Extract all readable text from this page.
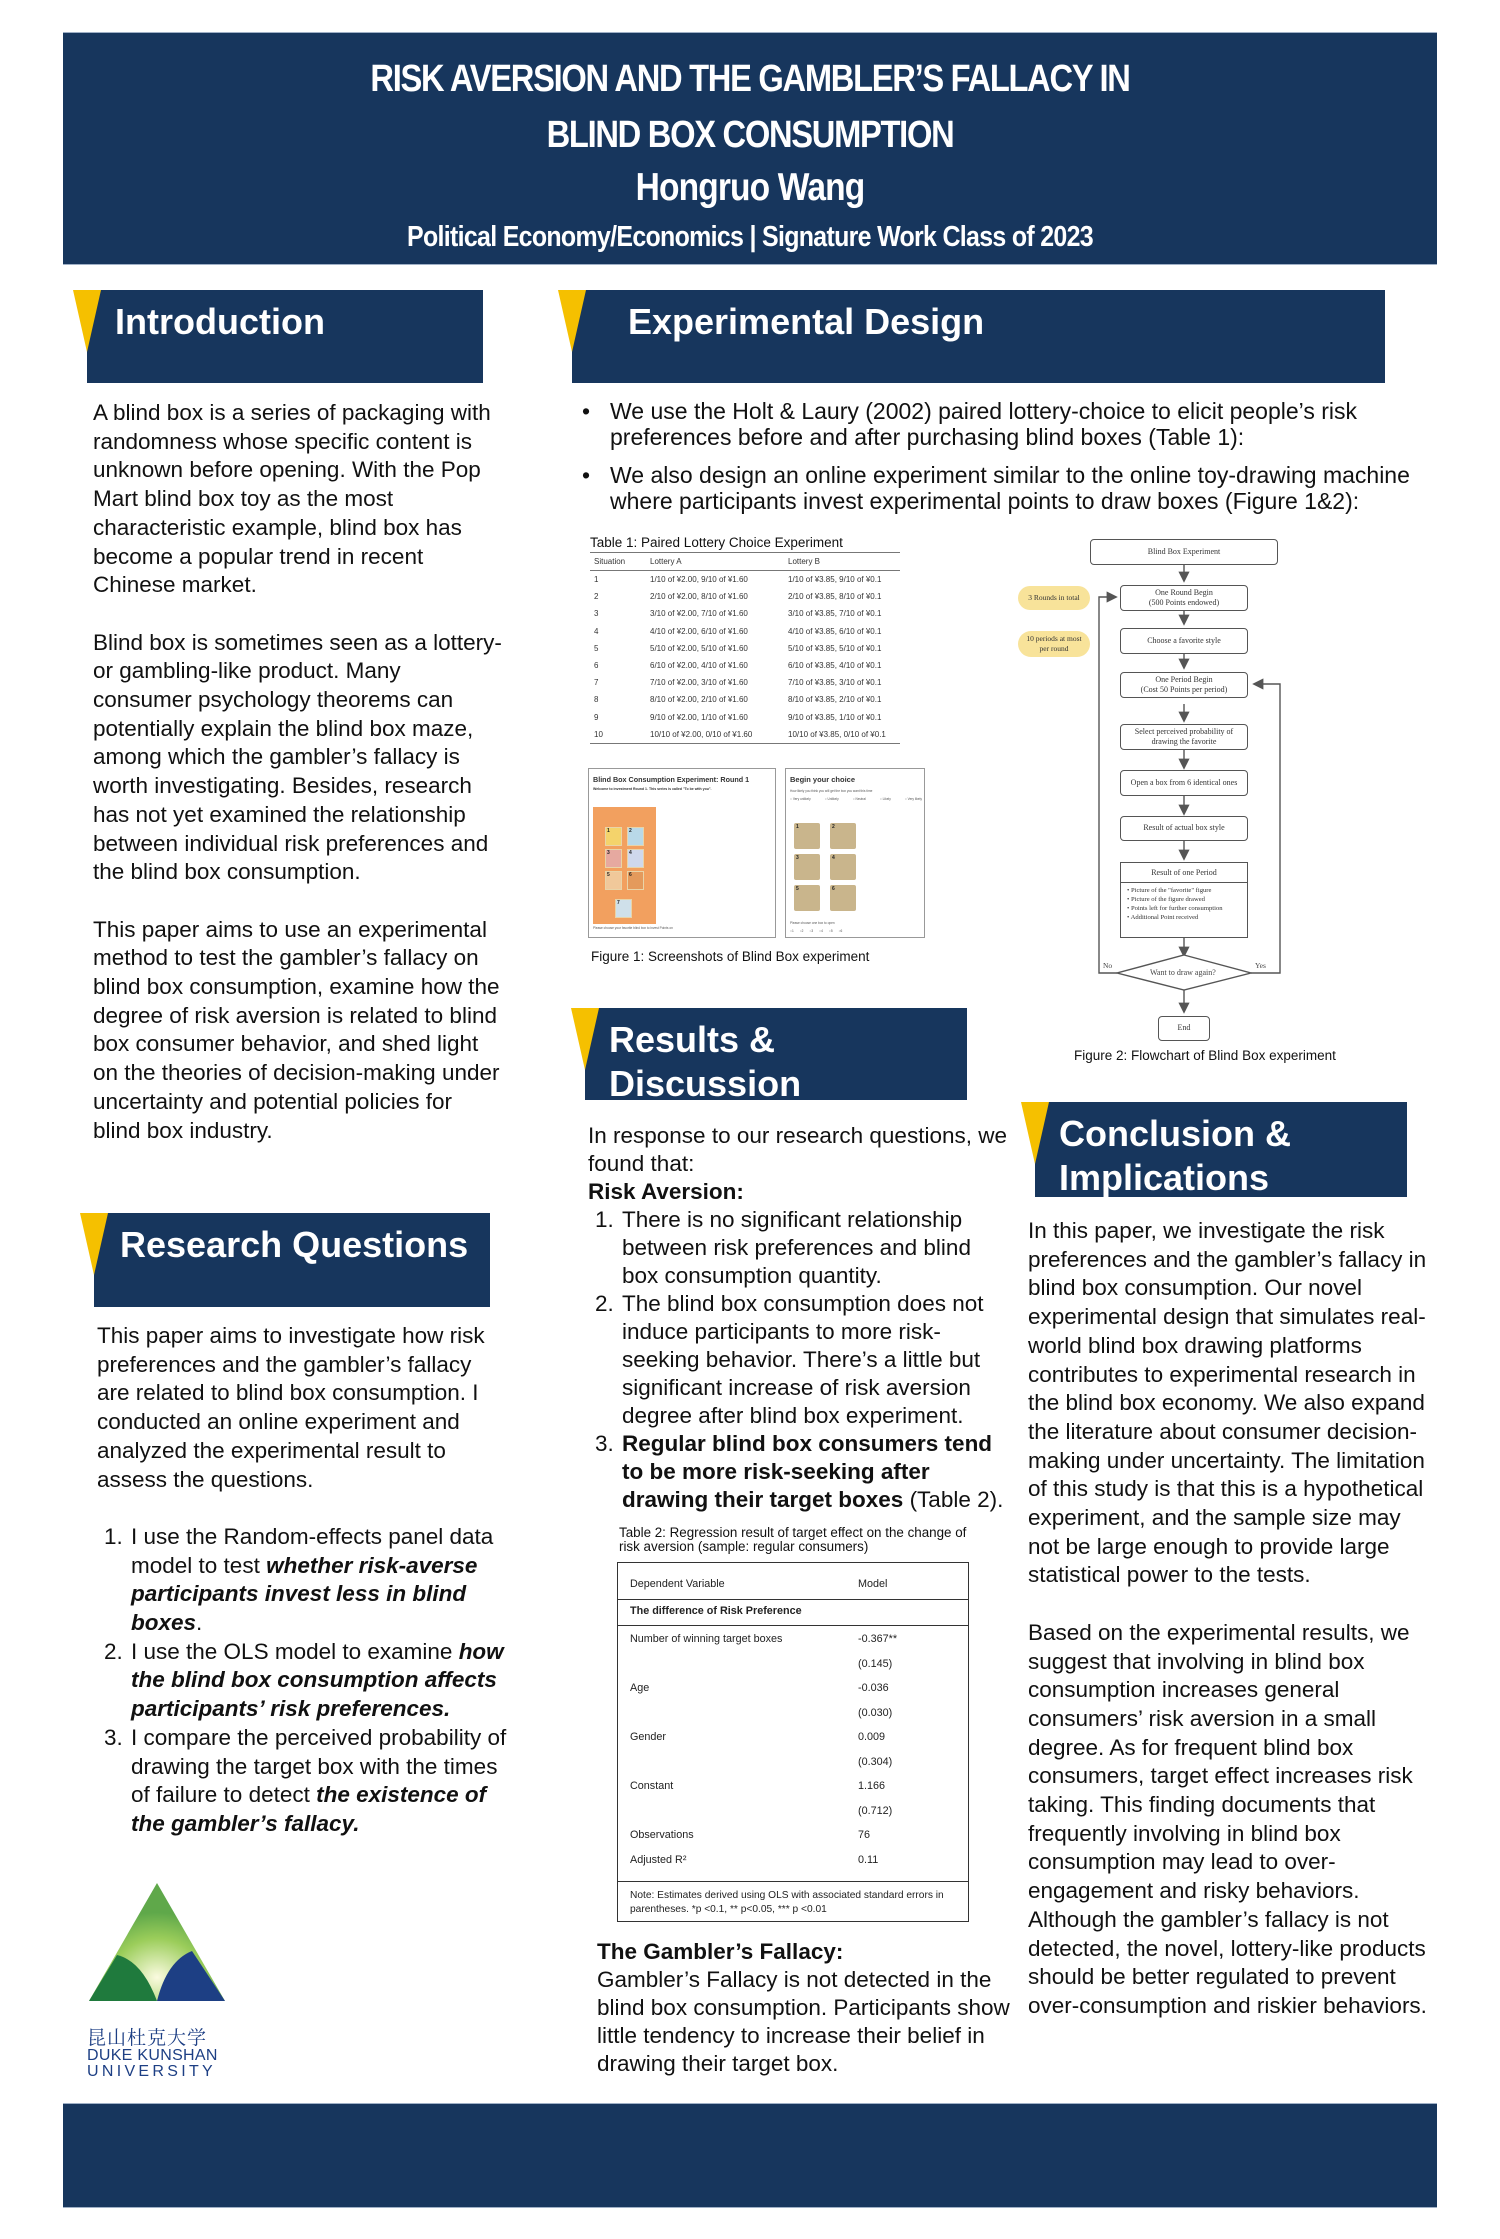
RISK AVERSION AND THE GAMBLER’S FALLACY IN
BLIND BOX CONSUMPTION
Hongruo Wang
Political Economy/Economics | Signature Work Class of 2023
Introduction

A blind box is a series of packaging with randomness whose specific content is unknown before opening. With the Pop Mart blind box toy as the most characteristic example, blind box has become a popular trend in recent Chinese market.

Blind box is sometimes seen as a lottery- or gambling-like product. Many consumer psychology theorems can potentially explain the blind box maze, among which the gambler’s fallacy is worth investigating. Besides, research has not yet examined the relationship between individual risk preferences and the blind box consumption.

This paper aims to use an experimental method to test the gambler’s fallacy on blind box consumption, examine how the degree of risk aversion is related to blind box consumer behavior, and shed light on the theories of decision-making under uncertainty and potential policies for blind box industry.

Research Questions

This paper aims to investigate how risk preferences and the gambler’s fallacy are related to blind box consumption. I conducted an online experiment and analyzed the experimental result to assess the questions.

1. I use the Random-effects panel data model to test whether risk-averse participants invest less in blind boxes.
2. I use the OLS model to examine how the blind box consumption affects participants’ risk preferences.
3. I compare the perceived probability of drawing the target box with the times of failure to detect the existence of the gambler’s fallacy.
昆山杜克大学
DUKE KUNSHAN
UNIVERSITY
Experimental Design
• We use the Holt & Laury (2002) paired lottery-choice to elicit people’s risk preferences before and after purchasing blind boxes (Table 1):
• We also design an online experiment similar to the online toy-drawing machine where participants invest experimental points to draw boxes (Figure 1&2):
Table 1: Paired Lottery Choice Experiment
Situation	Lottery A	Lottery B
1	1/10 of ¥2.00, 9/10 of ¥1.60	1/10 of ¥3.85, 9/10 of ¥0.1
2	2/10 of ¥2.00, 8/10 of ¥1.60	2/10 of ¥3.85, 8/10 of ¥0.1
3	3/10 of ¥2.00, 7/10 of ¥1.60	3/10 of ¥3.85, 7/10 of ¥0.1
4	4/10 of ¥2.00, 6/10 of ¥1.60	4/10 of ¥3.85, 6/10 of ¥0.1
5	5/10 of ¥2.00, 5/10 of ¥1.60	5/10 of ¥3.85, 5/10 of ¥0.1
6	6/10 of ¥2.00, 4/10 of ¥1.60	6/10 of ¥3.85, 4/10 of ¥0.1
7	7/10 of ¥2.00, 3/10 of ¥1.60	7/10 of ¥3.85, 3/10 of ¥0.1
8	8/10 of ¥2.00, 2/10 of ¥1.60	8/10 of ¥3.85, 2/10 of ¥0.1
9	9/10 of ¥2.00, 1/10 of ¥1.60	9/10 of ¥3.85, 1/10 of ¥0.1
10	10/10 of ¥2.00, 0/10 of ¥1.60	10/10 of ¥3.85, 0/10 of ¥0.1
Blind Box Consumption Experiment: Round 1
Welcome to investment Round 1. This series is called "To be with you".
1	2
3	4
5	6
7
Please choose your favorite blind box to invest Points on
Begin your choice
How likely you think you will get the box you want this time
○ Very unlikely	○ Unlikely	○ Neutral	○ Likely	○ Very likely
1	2
3	4
5	6
Please choose one box to open
○1 ○2 ○3 ○4 ○5 ○6
Figure 1: Screenshots of Blind Box experiment
Blind Box Experiment
One Round Begin
(500 Points endowed)
Choose a favorite style
One Period Begin
(Cost 50 Points per period)
Select perceived probability of
drawing the favorite
Open a box from 6 identical ones
Result of actual box style
Result of one Period
• Picture of the "favorite" figure
• Picture of the figure drawed
• Points left for further consumption
• Additional Point received
Want to draw again?
No	Yes
End
3 Rounds in total
10 periods at most
per round
Figure 2: Flowchart of Blind Box experiment
Results &
Discussion

In response to our research questions, we found that:

Risk Aversion:

1. There is no significant relationship between risk preferences and blind box consumption quantity.
2. The blind box consumption does not induce participants to more risk-seeking behavior. There’s a little but significant increase of risk aversion degree after blind box experiment.
3. Regular blind box consumers tend to be more risk-seeking after drawing their target boxes (Table 2).
Table 2: Regression result of target effect on the change of risk aversion (sample: regular consumers)
Dependent Variable	Model
The difference of Risk Preference
Number of winning target boxes	-0.367**
(0.145)
Age	-0.036
(0.030)
Gender	0.009
(0.304)
Constant	1.166
(0.712)
Observations	76
Adjusted R²	0.11
Note: Estimates derived using OLS with associated standard errors in parentheses. *p <0.1, ** p<0.05, *** p <0.01

The Gambler’s Fallacy:

Gambler’s Fallacy is not detected in the blind box consumption. Participants show little tendency to increase their belief in drawing their target box.

Conclusion &
Implications

In this paper, we investigate the risk preferences and the gambler’s fallacy in blind box consumption. Our novel experimental design that simulates real-world blind box drawing platforms contributes to experimental research in the blind box economy. We also expand the literature about consumer decision-making under uncertainty. The limitation of this study is that this is a hypothetical experiment, and the sample size may not be large enough to provide large statistical power to the tests.

Based on the experimental results, we suggest that involving in blind box consumption increases general consumers’ risk aversion in a small degree. As for frequent blind box consumers, target effect increases risk taking. This finding documents that frequently involving in blind box consumption may lead to over-engagement and risky behaviors. Although the gambler’s fallacy is not detected, the novel, lottery-like products should be better regulated to prevent over-consumption and riskier behaviors.
